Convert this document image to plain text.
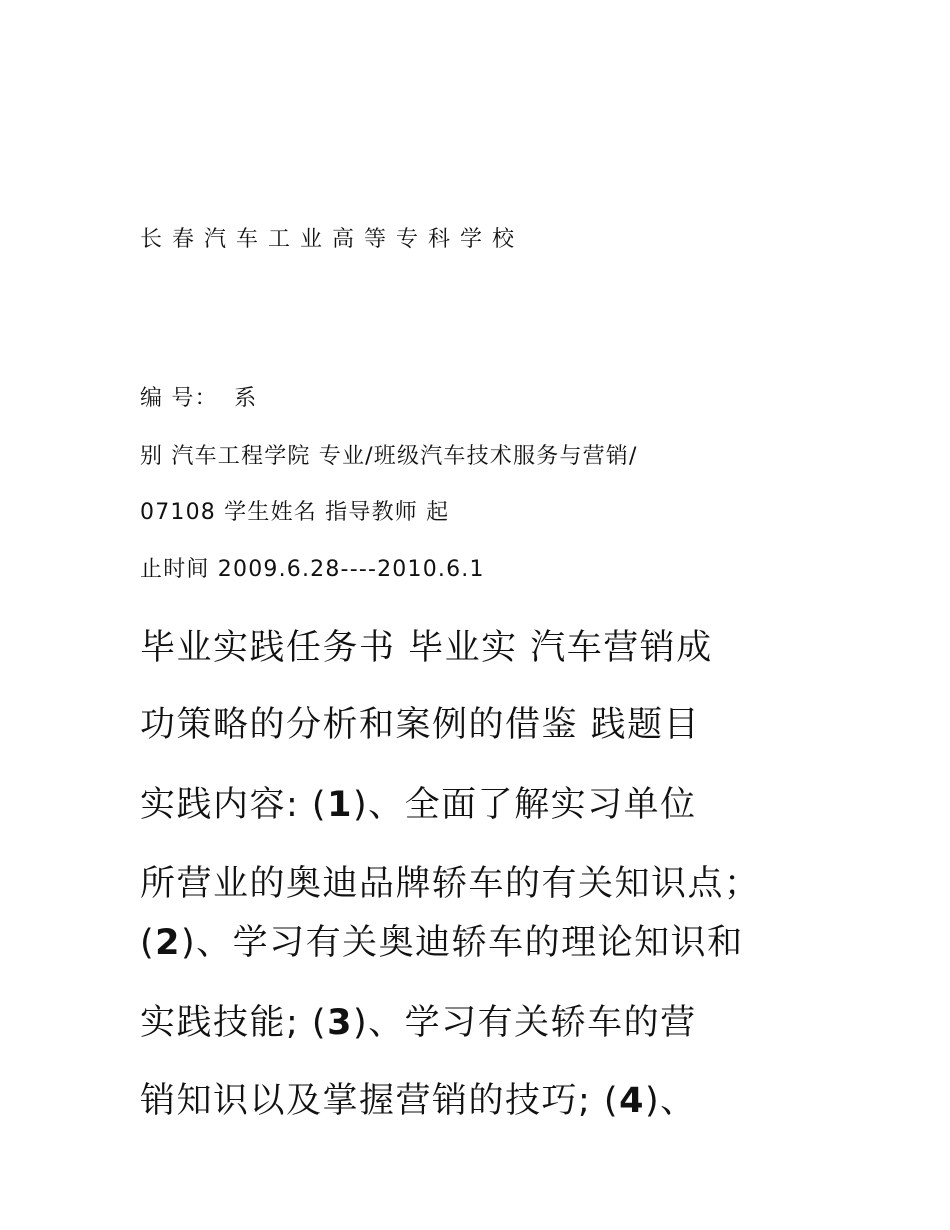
长春汽车工业高等专科学校
编 号：  系
别 汽车工程学院 专业/班级汽车技术服务与营销/
07108 学生姓名 指导教师 起
止时间 2009.6.28----2010.6.1
毕业实践任务书 毕业实 汽车营销成
功策略的分析和案例的借鉴 践题目
实践内容: (1)、全面了解实习单位
所营业的奥迪品牌轿车的有关知识点；
(2)、学习有关奥迪轿车的理论知识和
实践技能; (3)、学习有关轿车的营
销知识以及掌握营销的技巧; (4)、
